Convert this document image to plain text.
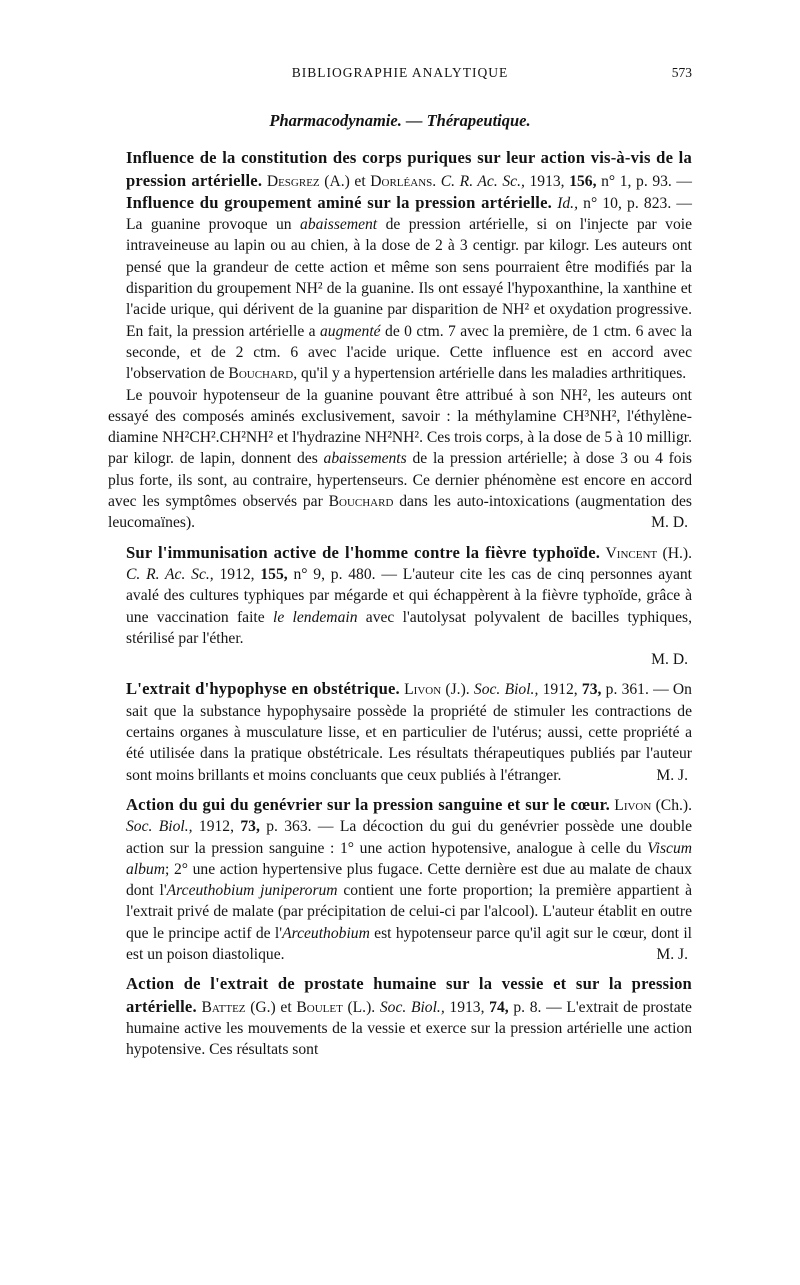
BIBLIOGRAPHIE ANALYTIQUE	573
Pharmacodynamie. — Thérapeutique.

Influence de la constitution des corps puriques sur leur action vis-à-vis de la pression artérielle. Desgrez (A.) et Dorléans. C. R. Ac. Sc., 1913, 156, n° 1, p. 93. — Influence du groupement aminé sur la pression artérielle. Id., n° 10, p. 823. — La guanine provoque un abaissement de pression artérielle, si on l'injecte par voie intraveineuse au lapin ou au chien, à la dose de 2 à 3 centigr. par kilogr. Les auteurs ont pensé que la grandeur de cette action et même son sens pourraient être modifiés par la disparition du groupement NH² de la guanine. Ils ont essayé l'hypoxanthine, la xanthine et l'acide urique, qui dérivent de la guanine par disparition de NH² et oxydation progressive. En fait, la pression artérielle a augmenté de 0 ctm. 7 avec la première, de 1 ctm. 6 avec la seconde, et de 2 ctm. 6 avec l'acide urique. Cette influence est en accord avec l'observation de Bouchard, qu'il y a hypertension artérielle dans les maladies arthritiques.

Le pouvoir hypotenseur de la guanine pouvant être attribué à son NH², les auteurs ont essayé des composés aminés exclusivement, savoir : la méthylamine CH³NH², l'éthylène-diamine NH²CH².CH²NH² et l'hydrazine NH²NH². Ces trois corps, à la dose de 5 à 10 milligr. par kilogr. de lapin, donnent des abaissements de la pression artérielle; à dose 3 ou 4 fois plus forte, ils sont, au contraire, hypertenseurs. Ce dernier phénomène est encore en accord avec les symptômes observés par Bouchard dans les auto-intoxications (augmentation des leucomaïnes).	M. D.

Sur l'immunisation active de l'homme contre la fièvre typhoïde. Vincent (H.). C. R. Ac. Sc., 1912, 155, n° 9, p. 480. — L'auteur cite les cas de cinq personnes ayant avalé des cultures typhiques par mégarde et qui échappèrent à la fièvre typhoïde, grâce à une vaccination faite le lendemain avec l'autolysat polyvalent de bacilles typhiques, stérilisé par l'éther.

M. D.

L'extrait d'hypophyse en obstétrique. Livon (J.). Soc. Biol., 1912, 73, p. 361. — On sait que la substance hypophysaire possède la propriété de stimuler les contractions de certains organes à musculature lisse, et en particulier de l'utérus; aussi, cette propriété a été utilisée dans la pratique obstétricale. Les résultats thérapeutiques publiés par l'auteur sont moins brillants et moins concluants que ceux publiés à l'étranger.	M. J.

Action du gui du genévrier sur la pression sanguine et sur le cœur. Livon (Ch.). Soc. Biol., 1912, 73, p. 363. — La décoction du gui du genévrier possède une double action sur la pression sanguine : 1° une action hypotensive, analogue à celle du Viscum album; 2° une action hypertensive plus fugace. Cette dernière est due au malate de chaux dont l'Arceuthobium juniperorum contient une forte proportion; la première appartient à l'extrait privé de malate (par précipitation de celui-ci par l'alcool). L'auteur établit en outre que le principe actif de l'Arceuthobium est hypotenseur parce qu'il agit sur le cœur, dont il est un poison diastolique.	M. J.

Action de l'extrait de prostate humaine sur la vessie et sur la pression artérielle. Battez (G.) et Boulet (L.). Soc. Biol., 1913, 74, p. 8. — L'extrait de prostate humaine active les mouvements de la vessie et exerce sur la pression artérielle une action hypotensive. Ces résultats sont
